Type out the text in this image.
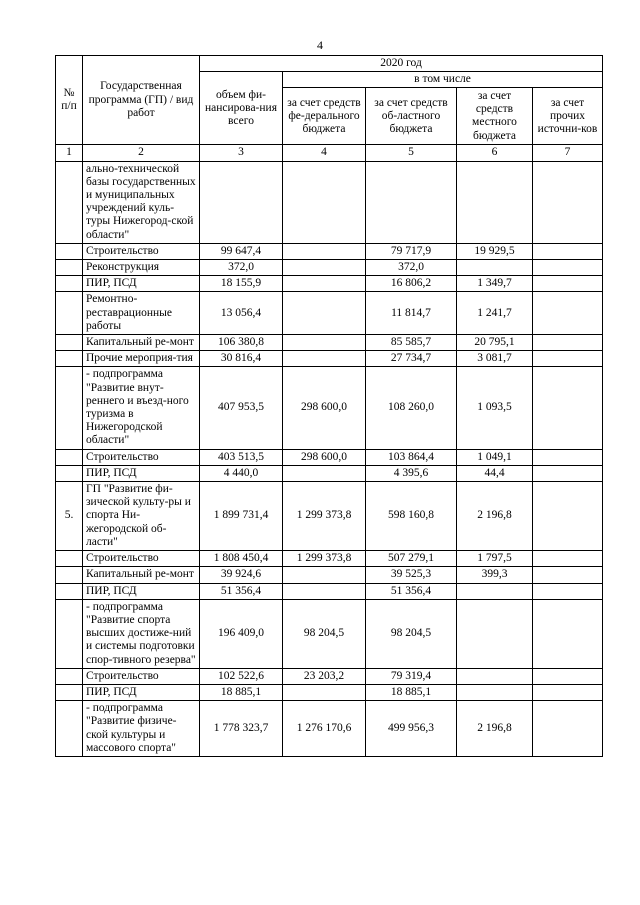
4
№ п/п	Государственная программа (ГП) / вид работ	2020 год				
		объем фи-нансирова-ния всего	в том числе			
			за счет средств фе-дерального бюджета	за счет средств об-ластного бюджета	за счет средств местного бюджета	за счет прочих источни-ков
1	2	3	4	5	6	7
	ально-технической базы государственных и муниципальных учреждений куль-туры Нижегород-ской области"					
	Строительство	99 647,4		79 717,9	19 929,5	
	Реконструкция	372,0		372,0		
	ПИР, ПСД	18 155,9		16 806,2	1 349,7	
	Ремонтно-реставрационные работы	13 056,4		11 814,7	1 241,7	
	Капитальный ре-монт	106 380,8		85 585,7	20 795,1	
	Прочие мероприя-тия	30 816,4		27 734,7	3 081,7	
	- подпрограмма "Развитие внут-реннего и въезд-ного туризма в Нижегородской области"	407 953,5	298 600,0	108 260,0	1 093,5	
	Строительство	403 513,5	298 600,0	103 864,4	1 049,1	
	ПИР, ПСД	4 440,0		4 395,6	44,4	
5.	ГП "Развитие фи-зической культу-ры и спорта Ни-жегородской об-ласти"	1 899 731,4	1 299 373,8	598 160,8	2 196,8	
	Строительство	1 808 450,4	1 299 373,8	507 279,1	1 797,5	
	Капитальный ре-монт	39 924,6		39 525,3	399,3	
	ПИР, ПСД	51 356,4		51 356,4		
	- подпрограмма "Развитие спорта высших достиже-ний и системы подготовки спор-тивного резерва"	196 409,0	98 204,5	98 204,5		
	Строительство	102 522,6	23 203,2	79 319,4		
	ПИР, ПСД	18 885,1		18 885,1		
	- подпрограмма "Развитие физиче-ской культуры и массового спорта"	1 778 323,7	1 276 170,6	499 956,3	2 196,8	
